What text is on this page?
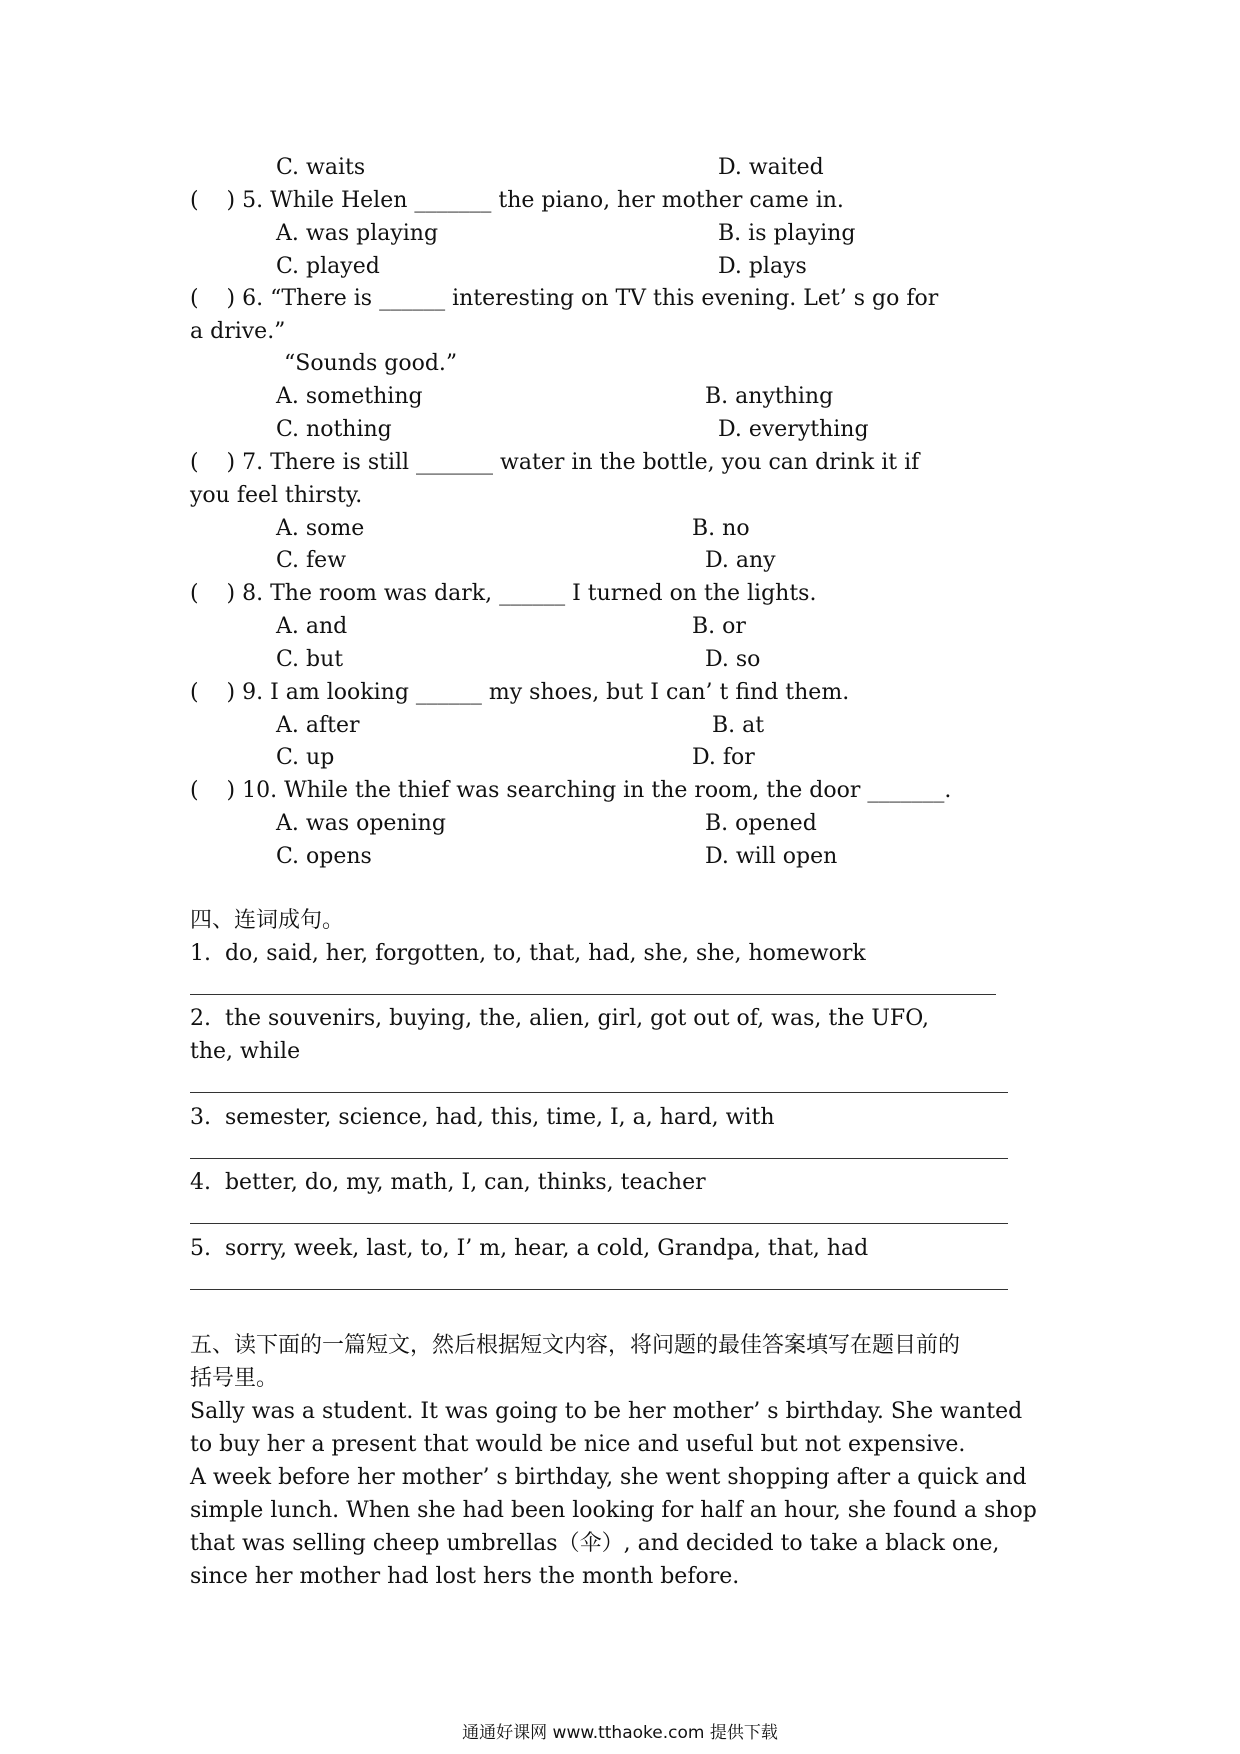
C. waits	D. waited
(    ) 5. While Helen _______ the piano, her mother came in.
A. was playing	B. is playing
C. played	D. plays
(    ) 6. “There is ______ interesting on TV this evening. Let’ s go for
a drive.”
“Sounds good.”
A. something	B. anything
C. nothing	D. everything
(    ) 7. There is still _______ water in the bottle, you can drink it if
you feel thirsty.
A. some	B. no
C. few	D. any
(    ) 8. The room was dark, ______ I turned on the lights.
A. and	B. or
C. but	D. so
(    ) 9. I am looking ______ my shoes, but I can’ t find them.
A. after	B. at
C. up	D. for
(    ) 10. While the thief was searching in the room, the door _______.
A. was opening	B. opened
C. opens	D. will open
四、连词成句。
1.  do, said, her, forgotten, to, that, had, she, she, homework
2.  the souvenirs, buying, the, alien, girl, got out of, was, the UFO,
the, while
3.  semester, science, had, this, time, I, a, hard, with
4.  better, do, my, math, I, can, thinks, teacher
5.  sorry, week, last, to, I’ m, hear, a cold, Grandpa, that, had
五、读下面的一篇短文，然后根据短文内容，将问题的最佳答案填写在题目前的
括号里。
Sally was a student. It was going to be her mother’ s birthday. She wanted
to buy her a present that would be nice and useful but not expensive.
A week before her mother’ s birthday, she went shopping after a quick and
simple lunch. When she had been looking for half an hour, she found a shop
that was selling cheep umbrellas（伞）, and decided to take a black one,
since her mother had lost hers the month before.
通通好课网 www.tthaoke.com 提供下载
